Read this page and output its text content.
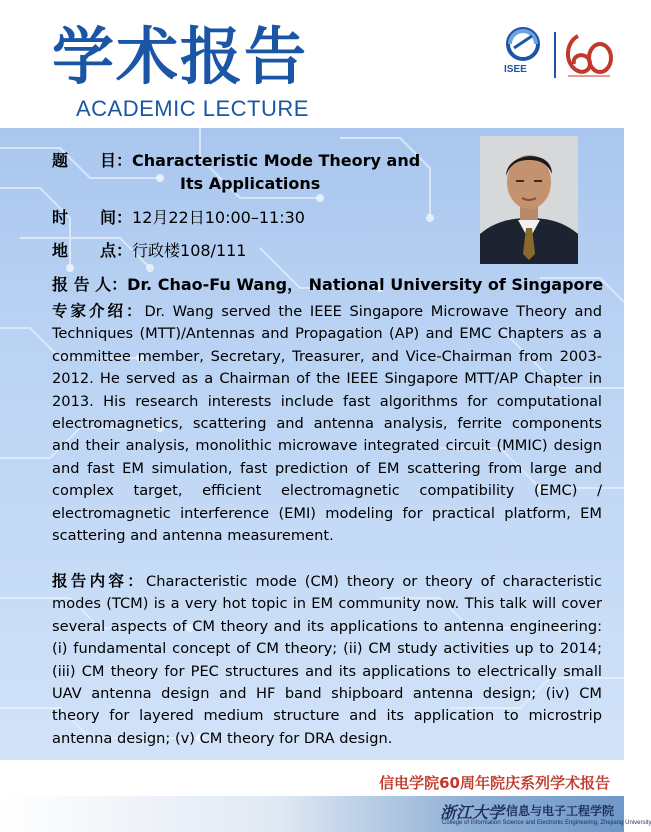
学术报告
ACADEMIC LECTURE
ISEE
题　　目：Characteristic Mode Theory and
Its Applications
时　　间：12月22日10:00–11:30
地　　点：行政楼108/111
报 告 人：Dr. Chao-Fu Wang， National University of Singapore
专家介绍：Dr. Wang served the IEEE Singapore Microwave Theory and Techniques (MTT)/Antennas and Propagation (AP) and EMC Chapters as a committee member, Secretary, Treasurer, and Vice-Chairman from 2003-2012. He served as a Chairman of the IEEE Singapore MTT/AP Chapter in 2013. His research interests include fast algorithms for computational electromagnetics, scattering and antenna analysis, ferrite components and their analysis, monolithic microwave integrated circuit (MMIC) design and fast EM simulation, fast prediction of EM scattering from large and complex target, efficient electromagnetic compatibility (EMC) / electromagnetic interference (EMI) modeling for practical platform, EM scattering and antenna measurement.
报告内容：Characteristic mode (CM) theory or theory of characteristic modes (TCM) is a very hot topic in EM community now. This talk will cover several aspects of CM theory and its applications to antenna engineering: (i) fundamental concept of CM theory; (ii) CM study activities up to 2014; (iii) CM theory for PEC structures and its applications to electrically small UAV antenna design and HF band shipboard antenna design; (iv) CM theory for layered medium structure and its application to microstrip antenna design; (v) CM theory for DRA design.
信电学院60周年院庆系列学术报告
浙江大学 信息与电子工程学院
College of Information Science and Electronic Engineering, Zhejiang University
